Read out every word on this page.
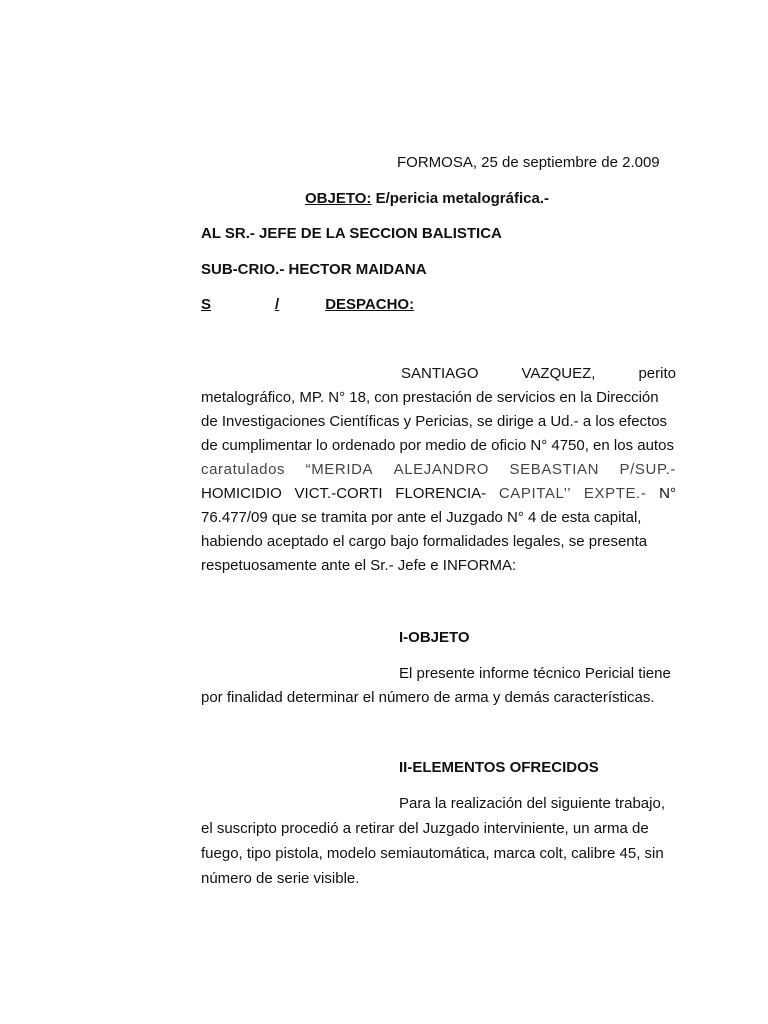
FORMOSA, 25 de septiembre de 2.009
OBJETO: E/pericia metalográfica.-
AL SR.- JEFE DE LA SECCION BALISTICA
SUB-CRIO.- HECTOR MAIDANA
S	/	DESPACHO:
SANTIAGO	VAZQUEZ,	perito
metalográfico, MP. N° 18, con prestación de servicios en la Dirección
de Investigaciones Científicas y Pericias, se dirige a Ud.- a los efectos
de cumplimentar lo ordenado por medio de oficio N° 4750, en los autos
caratulados “MERIDA ALEJANDRO SEBASTIAN P/SUP.-
HOMICIDIO VICT.-CORTI FLORENCIA- CAPITAL’’ EXPTE.- N°
76.477/09 que se tramita por ante el Juzgado N° 4 de esta capital,
habiendo aceptado el cargo bajo formalidades legales, se presenta
respetuosamente ante el Sr.- Jefe e INFORMA:
I-OBJETO
El presente informe técnico Pericial tiene
por finalidad determinar el número de arma y demás características.
II-ELEMENTOS OFRECIDOS
Para la realización del siguiente trabajo,
el suscripto procedió a retirar del Juzgado interviniente, un arma de
fuego, tipo pistola, modelo semiautomática, marca colt, calibre 45, sin
número de serie visible.
